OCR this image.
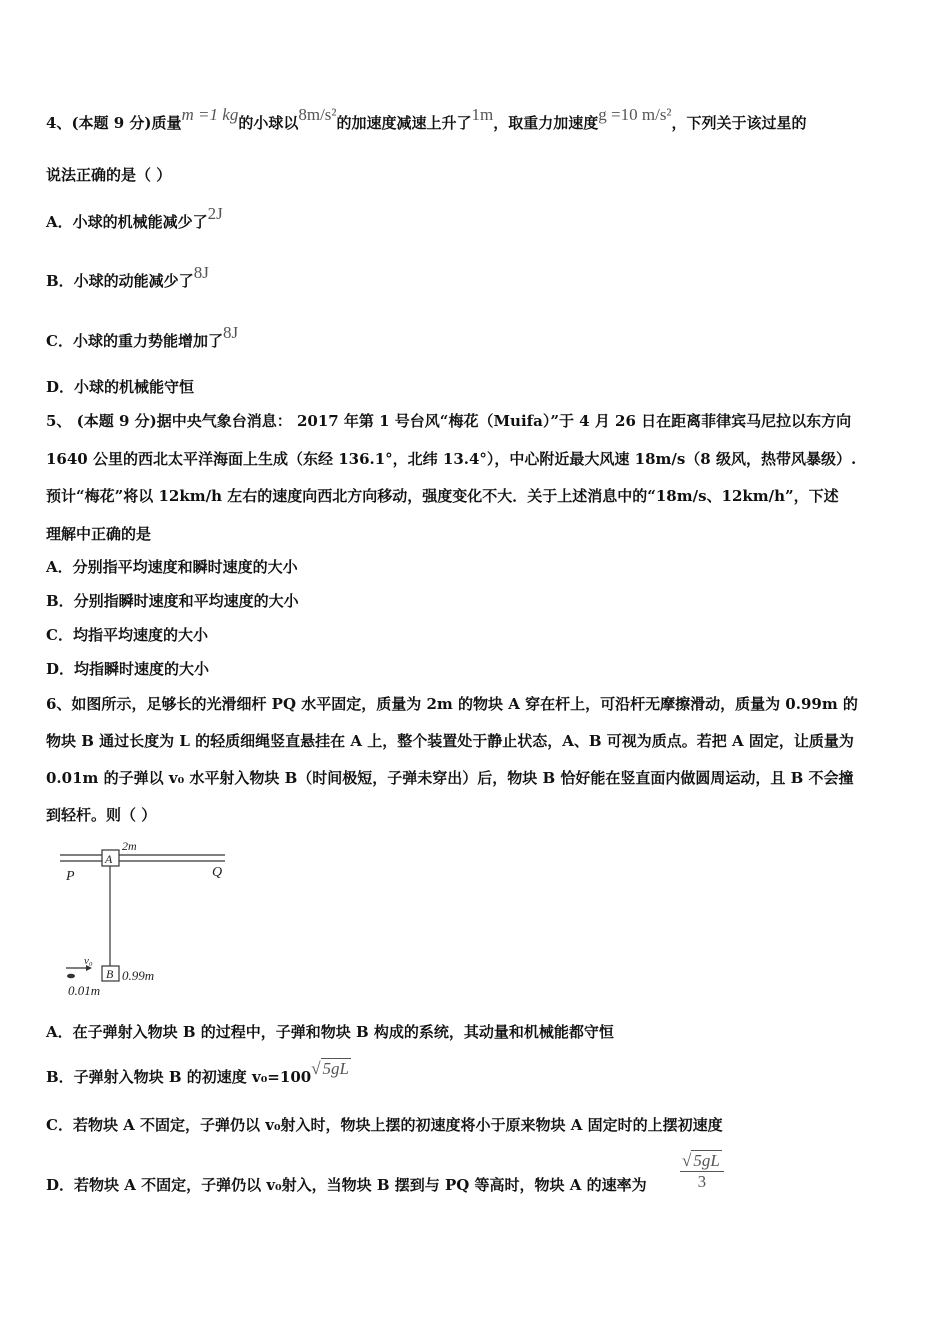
4、(本题 9 分)质量m =1 kg的小球以8m/s²的加速度减速上升了1m，取重力加速度g =10 m/s²，下列关于该过星的
说法正确的是（ ）
A．小球的机械能减少了2J
B．小球的动能减少了8J
C．小球的重力势能增加了8J
D．小球的机械能守恒
5、 (本题 9 分)据中央气象台消息： 2017 年第 1 号台风“梅花（Muifa）”于 4 月 26 日在距离菲律宾马尼拉以东方向
1640 公里的西北太平洋海面上生成（东经 136.1°，北纬 13.4°），中心附近最大风速 18m/s（8 级风，热带风暴级）.
预计“梅花”将以 12km/h 左右的速度向西北方向移动，强度变化不大．关于上述消息中的“18m/s、12km/h”，下述
理解中正确的是
A．分别指平均速度和瞬时速度的大小
B．分别指瞬时速度和平均速度的大小
C．均指平均速度的大小
D．均指瞬时速度的大小
6、如图所示，足够长的光滑细杆 PQ 水平固定，质量为 2m 的物块 A 穿在杆上，可沿杆无摩擦滑动，质量为 0.99m 的
物块 B 通过长度为 L 的轻质细绳竖直悬挂在 A 上，整个装置处于静止状态，A、B 可视为质点。若把 A 固定，让质量为
0.01m 的子弹以 v₀ 水平射入物块 B（时间极短，子弹未穿出）后，物块 B 恰好能在竖直面内做圆周运动，且 B 不会撞
到轻杆。则（ ）
A
2m
P	Q
B 0.99m
v₀
0.01m
A．在子弹射入物块 B 的过程中，子弹和物块 B 构成的系统，其动量和机械能都守恒
B．子弹射入物块 B 的初速度 v₀=100√ 5gL
C．若物块 A 不固定，子弹仍以 v₀射入时，物块上摆的初速度将小于原来物块 A 固定时的上摆初速度
D．若物块 A 不固定，子弹仍以 v₀射入，当物块 B 摆到与 PQ 等高时，物块 A 的速率为 $\frac{√ 5gL}{3}$
